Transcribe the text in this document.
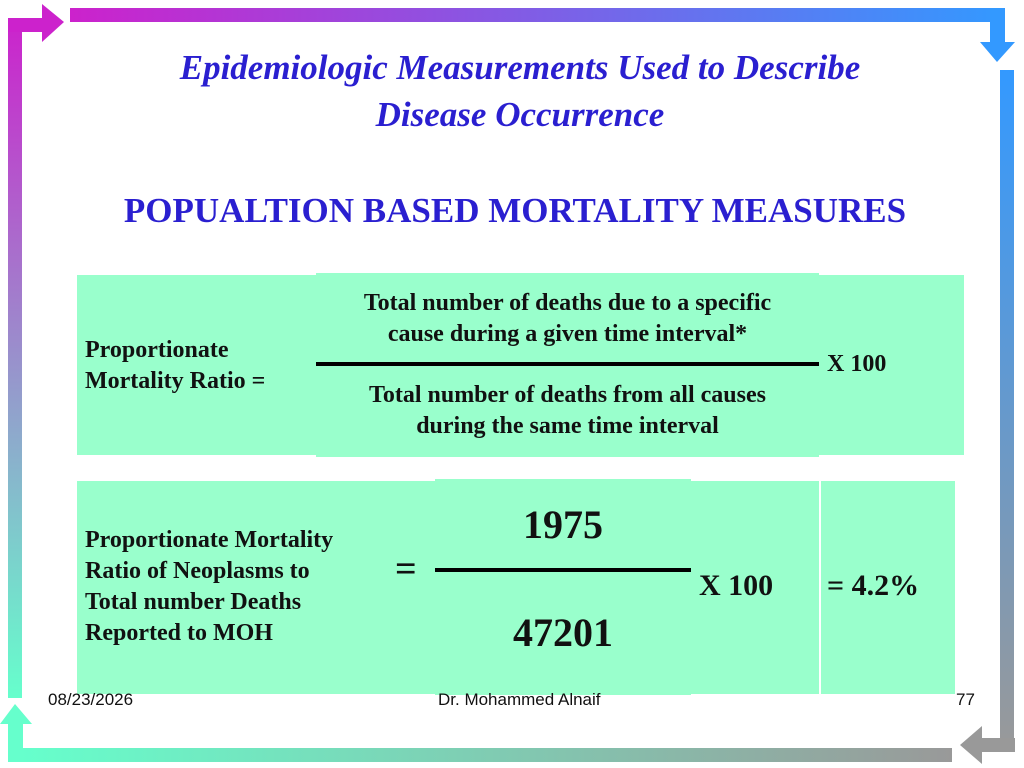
Epidemiologic Measurements Used to Describe
Disease Occurrence
POPUALTION BASED MORTALITY MEASURES
Proportionate
Mortality Ratio =
Total number of deaths due to a specific
cause during a given time interval*
Total number of deaths from all causes
during the same time interval
X 100
Proportionate Mortality
Ratio of Neoplasms to
Total number Deaths
Reported to MOH
=
1975
47201
X 100 = 4.2%
08/23/2026	Dr. Mohammed Alnaif	77
